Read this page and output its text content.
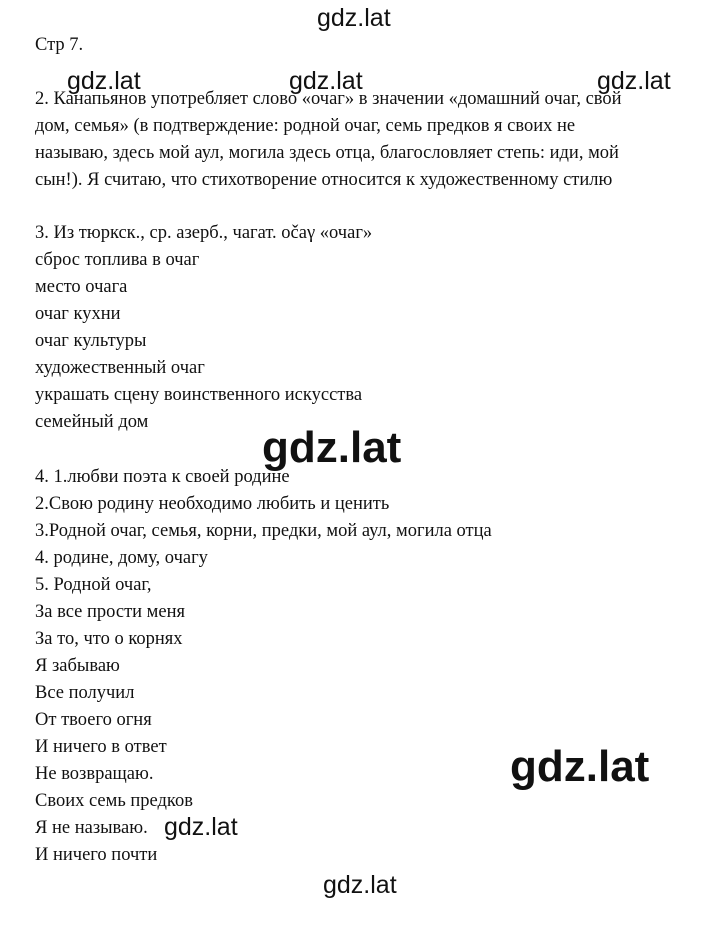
Стр 7.

2. Канапьянов употребляет слово «очаг» в значении «домашний очаг, свой

дом, семья» (в подтверждение: родной очаг, семь предков я своих не

называю, здесь мой аул, могила здесь отца, благословляет степь: иди, мой

сын!). Я считаю, что стихотворение относится к художественному стилю

3. Из тюркск., ср. азерб., чагат. očaγ «очаг»

сброс топлива в очаг

место очага

очаг кухни

очаг культуры

художественный очаг

украшать сцену воинственного искусства

семейный дом

4. 1.любви поэта к своей родине

2.Свою родину необходимо любить и ценить

3.Родной очаг, семья, корни, предки, мой аул, могила отца

4. родине, дому, очагу

5. Родной очаг,

За все прости меня

За то, что о корнях

Я забываю

Все получил

От твоего огня

И ничего в ответ

Не возвращаю.

Своих семь предков

Я не называю.

И ничего почти

gdz.lat
gdz.lat	gdz.lat	gdz.lat
gdz.lat
gdz.lat
gdz.lat
gdz.lat
